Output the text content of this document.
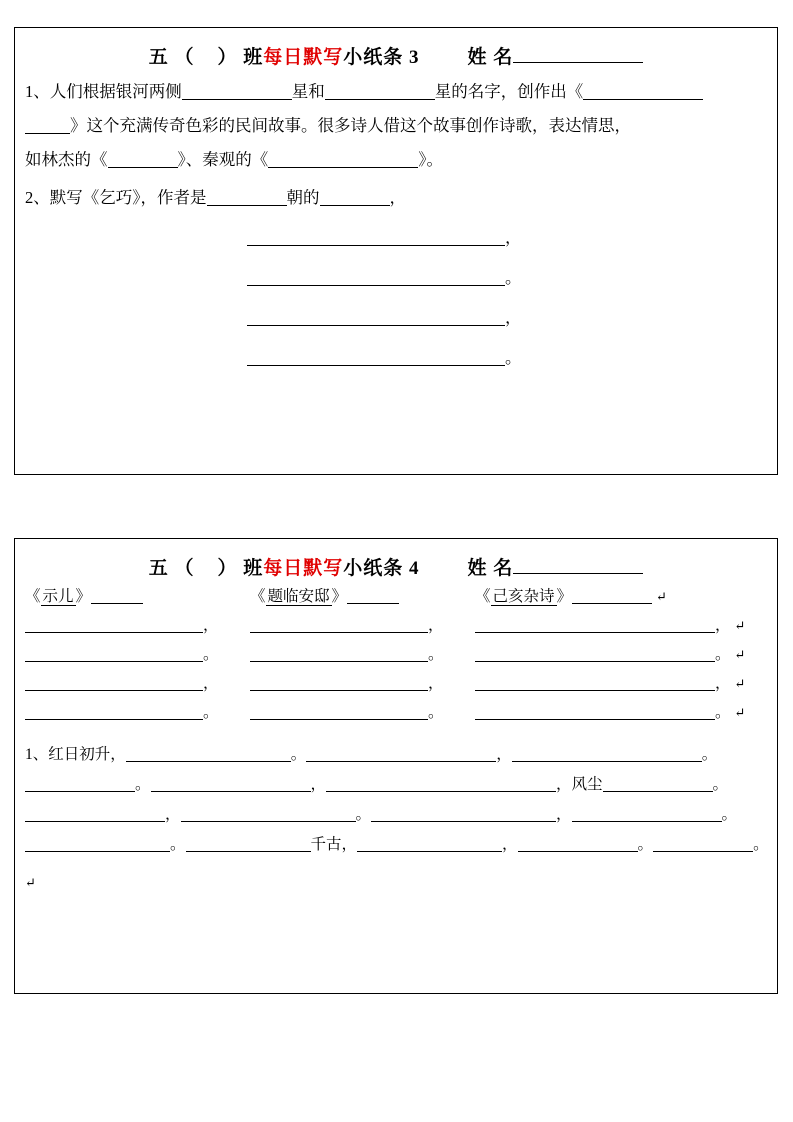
五 （    ） 班 每日默写 小纸条 3	姓 名
1、人们根据银河两侧	星和	星的名字，创作出《
》这个充满传奇色彩的民间故事。很多诗人借这个故事创作诗歌，表达情思，
如林杰的《	》、秦观的《	》。
2、默写《乞巧》，作者是	朝的	，
，
。
，
。
五 （    ） 班 每日默写 小纸条 4	姓 名
《 示儿 》	《 题临安邸 》	《 己亥杂诗 》	↵
，	，	， ↵
。	。	。 ↵
，	，	， ↵
。	。	。 ↵
1、红日初升，	。	，	。
。	，	，风尘	。
，	。	，	。
。	千古，	，	。	。
↵
